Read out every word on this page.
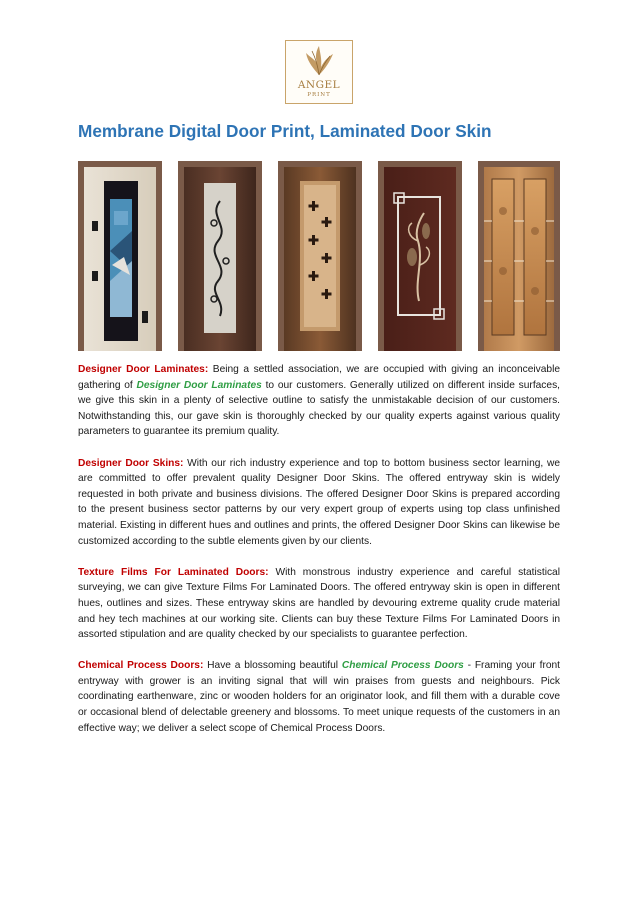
ANGEL
PRINT
Membrane Digital Door Print, Laminated Door Skin

Designer Door Laminates: Being a settled association, we are occupied with giving an inconceivable gathering of Designer Door Laminates to our customers. Generally utilized on different inside surfaces, we give this skin in a plenty of selective outline to satisfy the unmistakable decision of our customers. Notwithstanding this, our gave skin is thoroughly checked by our quality experts against various quality parameters to guarantee its premium quality.

Designer Door Skins: With our rich industry experience and top to bottom business sector learning, we are committed to offer prevalent quality Designer Door Skins. The offered entryway skin is widely requested in both private and business divisions. The offered Designer Door Skins is prepared according to the present business sector patterns by our very expert group of experts using top class unfinished material. Existing in different hues and outlines and prints, the offered Designer Door Skins can likewise be customized according to the subtle elements given by our clients.

Texture Films For Laminated Doors: With monstrous industry experience and careful statistical surveying, we can give Texture Films For Laminated Doors. The offered entryway skin is open in different hues, outlines and sizes. These entryway skins are handled by devouring extreme quality crude material and hey tech machines at our working site. Clients can buy these Texture Films For Laminated Doors in assorted stipulation and are quality checked by our specialists to guarantee perfection.

Chemical Process Doors: Have a blossoming beautiful Chemical Process Doors - Framing your front entryway with grower is an inviting signal that will win praises from guests and neighbours. Pick coordinating earthenware, zinc or wooden holders for an originator look, and fill them with a durable cove or occasional blend of delectable greenery and blossoms. To meet unique requests of the customers in an effective way; we deliver a select scope of Chemical Process Doors.
